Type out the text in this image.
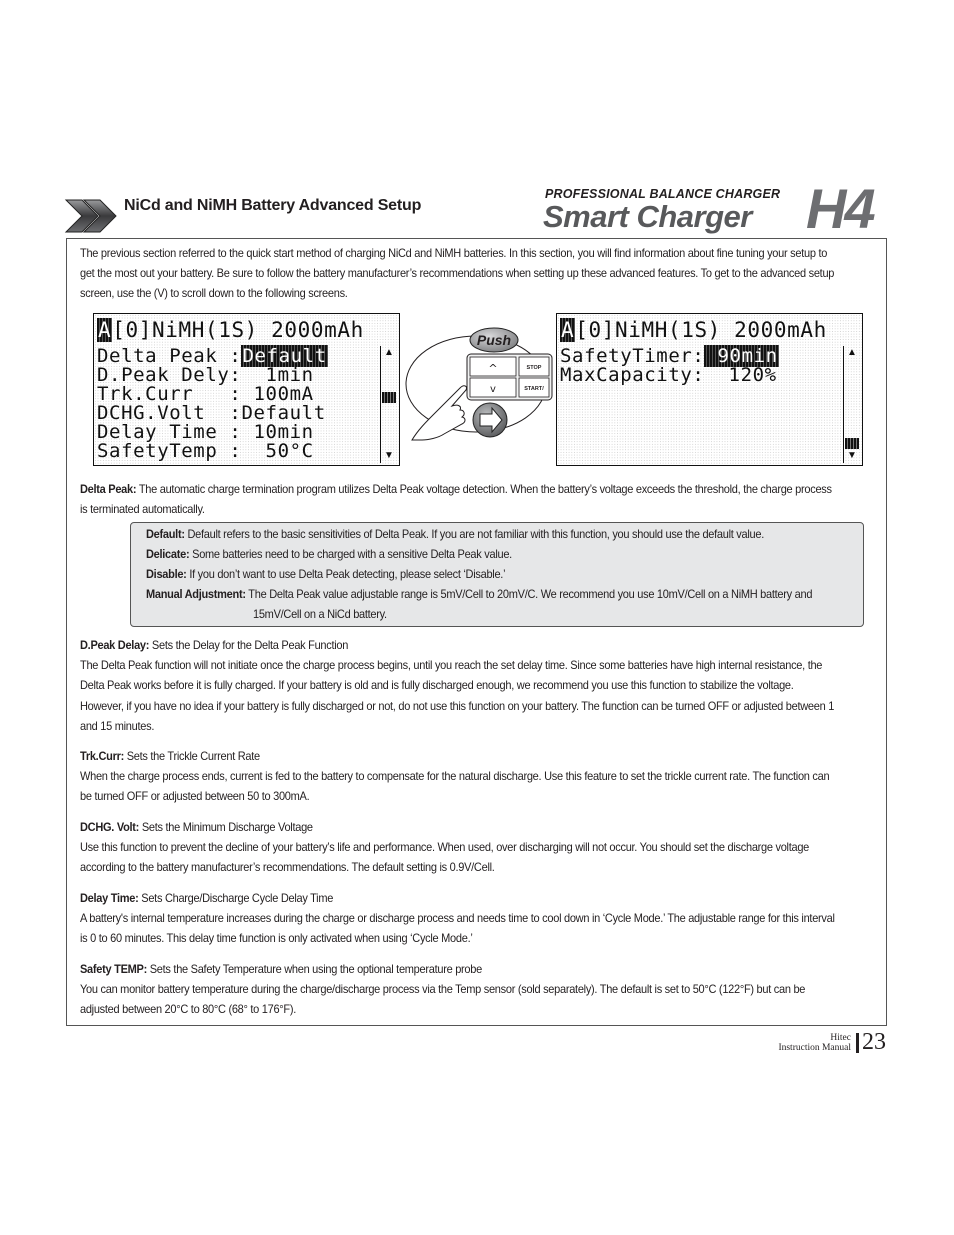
NiCd and NiMH Battery Advanced Setup
PROFESSIONAL BALANCE CHARGER
Smart Charger H4

The previous section referred to the quick start method of charging NiCd and NiMH batteries. In this section, you will find information about fine tuning your setup to get the most out your battery. Be sure to follow the battery manufacturer’s recommendations when setting up these advanced features. To get to the advanced setup screen, use the (V) to scroll down to the following screens.

A[0]NiMH(1S) 2000mAh
Delta Peak :Default
D.Peak Dely:  1min
Trk.Curr   : 100mA
DCHG.Volt  :Default
Delay Time : 10min
SafetyTemp :  50°C
▲
▼
Push
^
v
STOP
START/
A[0]NiMH(1S) 2000mAh
SafetyTimer: 90min
MaxCapacity:  120%
▲
▼

Delta Peak: The automatic charge termination program utilizes Delta Peak voltage detection. When the battery’s voltage exceeds the threshold, the charge process is terminated automatically.

Default: Default refers to the basic sensitivities of Delta Peak. If you are not familiar with this function, you should use the default value.
Delicate: Some batteries need to be charged with a sensitive Delta Peak value.
Disable: If you don’t want to use Delta Peak detecting, please select ‘Disable.’
Manual Adjustment: The Delta Peak value adjustable range is 5mV/Cell to 20mV/C. We recommend you use 10mV/Cell on a NiMH battery and
15mV/Cell on a NiCd battery.
D.Peak Delay: Sets the Delay for the Delta Peak Function
The Delta Peak function will not initiate once the charge process begins, until you reach the set delay time. Since some batteries have high internal resistance, the Delta Peak works before it is fully charged. If your battery is old and is fully discharged enough, we recommend you use this function to stabilize the voltage. However, if you have no idea if your battery is fully discharged or not, do not use this function on your battery. The function can be turned OFF or adjusted between 1 and 15 minutes.
Trk.Curr: Sets the Trickle Current Rate
When the charge process ends, current is fed to the battery to compensate for the natural discharge. Use this feature to set the trickle current rate. The function can be turned OFF or adjusted between 50 to 300mA.
DCHG. Volt: Sets the Minimum Discharge Voltage
Use this function to prevent the decline of your battery’s life and performance. When used, over discharging will not occur. You should set the discharge voltage according to the battery manufacturer’s recommendations. The default setting is 0.9V/Cell.
Delay Time: Sets Charge/Discharge Cycle Delay Time
A battery's internal temperature increases during the charge or discharge process and needs time to cool down in ‘Cycle Mode.’ The adjustable range for this interval is 0 to 60 minutes. This delay time function is only activated when using ‘Cycle Mode.’
Safety TEMP: Sets the Safety Temperature when using the optional temperature probe
You can monitor battery temperature during the charge/discharge process via the Temp sensor (sold separately). The default is set to 50°C (122°F) but can be adjusted between 20°C to 80°C (68° to 176°F).
Hitec
Instruction Manual 23
